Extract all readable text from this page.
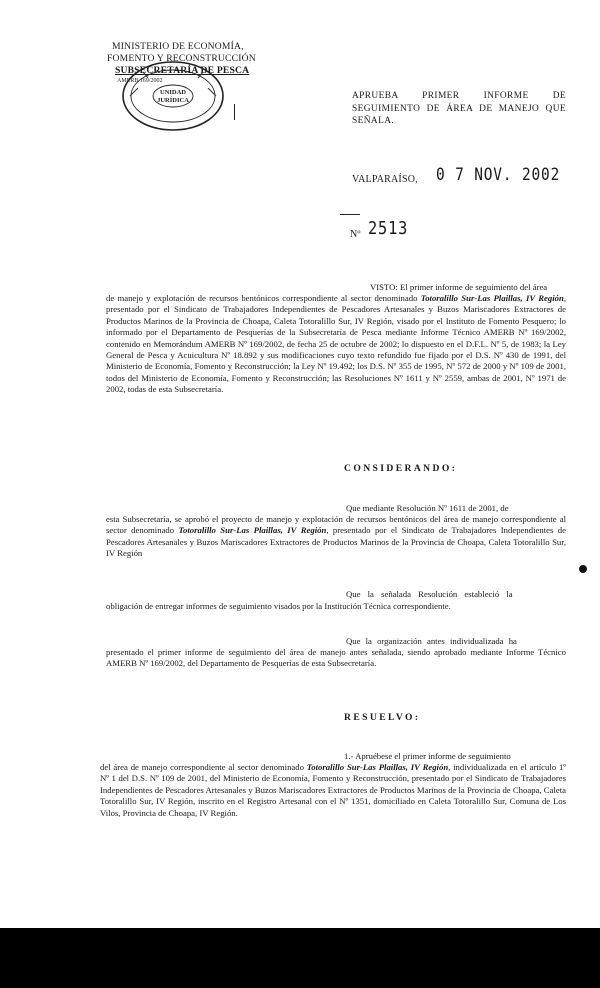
MINISTERIO DE ECONOMÍA,
FOMENTO Y RECONSTRUCCIÓN
SUBSECRETARÍA DE PESCA
AMERB 169/2002
UNIDAD
JURÍDICA	APRUEBA PRIMER INFORME DE SEGUIMIENTO DE ÁREA DE MANEJO QUE SEÑALA.
VALPARAÍSO, 0 7 NOV. 2002
Nº 2513
VISTO: El primer informe de seguimiento del área
de manejo y explotación de recursos bentónicos correspondiente al sector denominado Totoralillo Sur-Las Plaillas, IV Región, presentado por el Sindicato de Trabajadores Independientes de Pescadores Artesanales y Buzos Mariscadores Extractores de Productos Marinos de la Provincia de Choapa, Caleta Totoralillo Sur, IV Región, visado por el Instituto de Fomento Pesquero; lo informado por el Departamento de Pesquerías de la Subsecretaría de Pesca mediante Informe Técnico AMERB Nº 169/2002, contenido en Memorándum AMERB Nº 169/2002, de fecha 25 de octubre de 2002; lo dispuesto en el D.F.L. Nº 5, de 1983; la Ley General de Pesca y Acuicultura Nº 18.892 y sus modificaciones cuyo texto refundido fue fijado por el D.S. Nº 430 de 1991, del Ministerio de Economía, Fomento y Reconstrucción; la Ley Nº 19.492; los D.S. Nº 355 de 1995, Nº 572 de 2000 y Nº 109 de 2001, todos del Ministerio de Economía, Fomento y Reconstrucción; las Resoluciones Nº 1611 y Nº 2559, ambas de 2001, Nº 1971 de 2002, todas de esta Subsecretaría.
CONSIDERANDO:
Que mediante Resolución Nº 1611 de 2001, de
esta Subsecretaría, se aprobó el proyecto de manejo y explotación de recursos bentónicos del área de manejo correspondiente al sector denominado Totoralillo Sur-Las Plaillas, IV Región, presentado por el Sindicato de Trabajadores Independientes de Pescadores Artesanales y Buzos Mariscadores Extractores de Productos Marinos de la Provincia de Choapa, Caleta Totoralillo Sur, IV Región
Que la señalada Resolución estableció la
obligación de entregar informes de seguimiento visados por la Institución Técnica correspondiente.
Que la organización antes individualizada ha
presentado el primer informe de seguimiento del área de manejo antes señalada, siendo aprobado mediante Informe Técnico AMERB Nº 169/2002, del Departamento de Pesquerías de esta Subsecretaría.
RESUELVO:
1.- Apruébese el primer informe de seguimiento
del área de manejo correspondiente al sector denominado Totoralillo Sur-Las Plaillas, IV Región, individualizada en el artículo 1º Nº 1 del D.S. Nº 109 de 2001, del Ministerio de Economía, Fomento y Reconstrucción, presentado por el Sindicato de Trabajadores Independientes de Pescadores Artesanales y Buzos Mariscadores Extractores de Productos Marinos de la Provincia de Choapa, Caleta Totoralillo Sur, IV Región, inscrito en el Registro Artesanal con el Nº 1351, domiciliado en Caleta Totoralillo Sur, Comuna de Los Vilos, Provincia de Choapa, IV Región.
